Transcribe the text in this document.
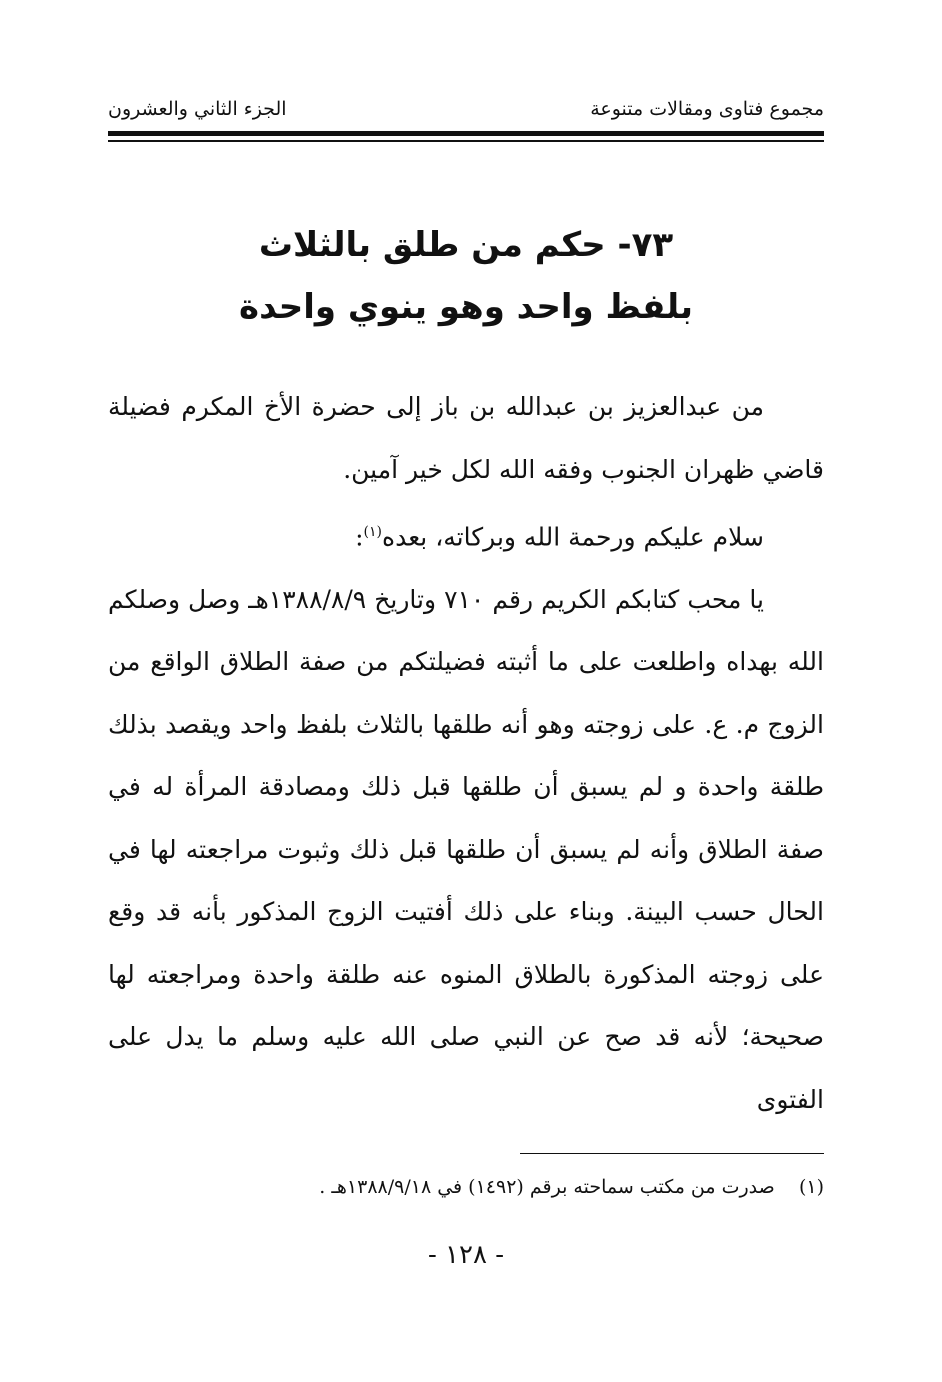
مجموع فتاوى ومقالات متنوعة
الجزء الثاني والعشرون
٧٣- حكم من طلق بالثلاث
بلفظ واحد وهو ينوي واحدة

من عبدالعزيز بن عبدالله بن باز إلى حضرة الأخ المكرم فضيلة قاضي ظهران الجنوب وفقه الله لكل خير آمين.

سلام عليكم ورحمة الله وبركاته، بعده$^{(١)}$:

يا محب كتابكم الكريم رقم ٧١٠ وتاريخ ١٣٨٨/٨/٩هـ وصل وصلكم الله بهداه واطلعت على ما أثبته فضيلتكم من صفة الطلاق الواقع من الزوج م. ع. على زوجته وهو أنه طلقها بالثلاث بلفظ واحد ويقصد بذلك طلقة واحدة و لم يسبق أن طلقها قبل ذلك ومصادقة المرأة له في صفة الطلاق وأنه لم يسبق أن طلقها قبل ذلك وثبوت مراجعته لها في الحال حسب البينة. وبناء على ذلك أفتيت الزوج المذكور بأنه قد وقع على زوجته المذكورة بالطلاق المنوه عنه طلقة واحدة ومراجعته لها صحيحة؛ لأنه قد صح عن النبي صلى الله عليه وسلم ما يدل على الفتوى

(١)    صدرت من مكتب سماحته برقم (١٤٩٢) في ١٣٨٨/٩/١٨هـ .
- ١٢٨ -
